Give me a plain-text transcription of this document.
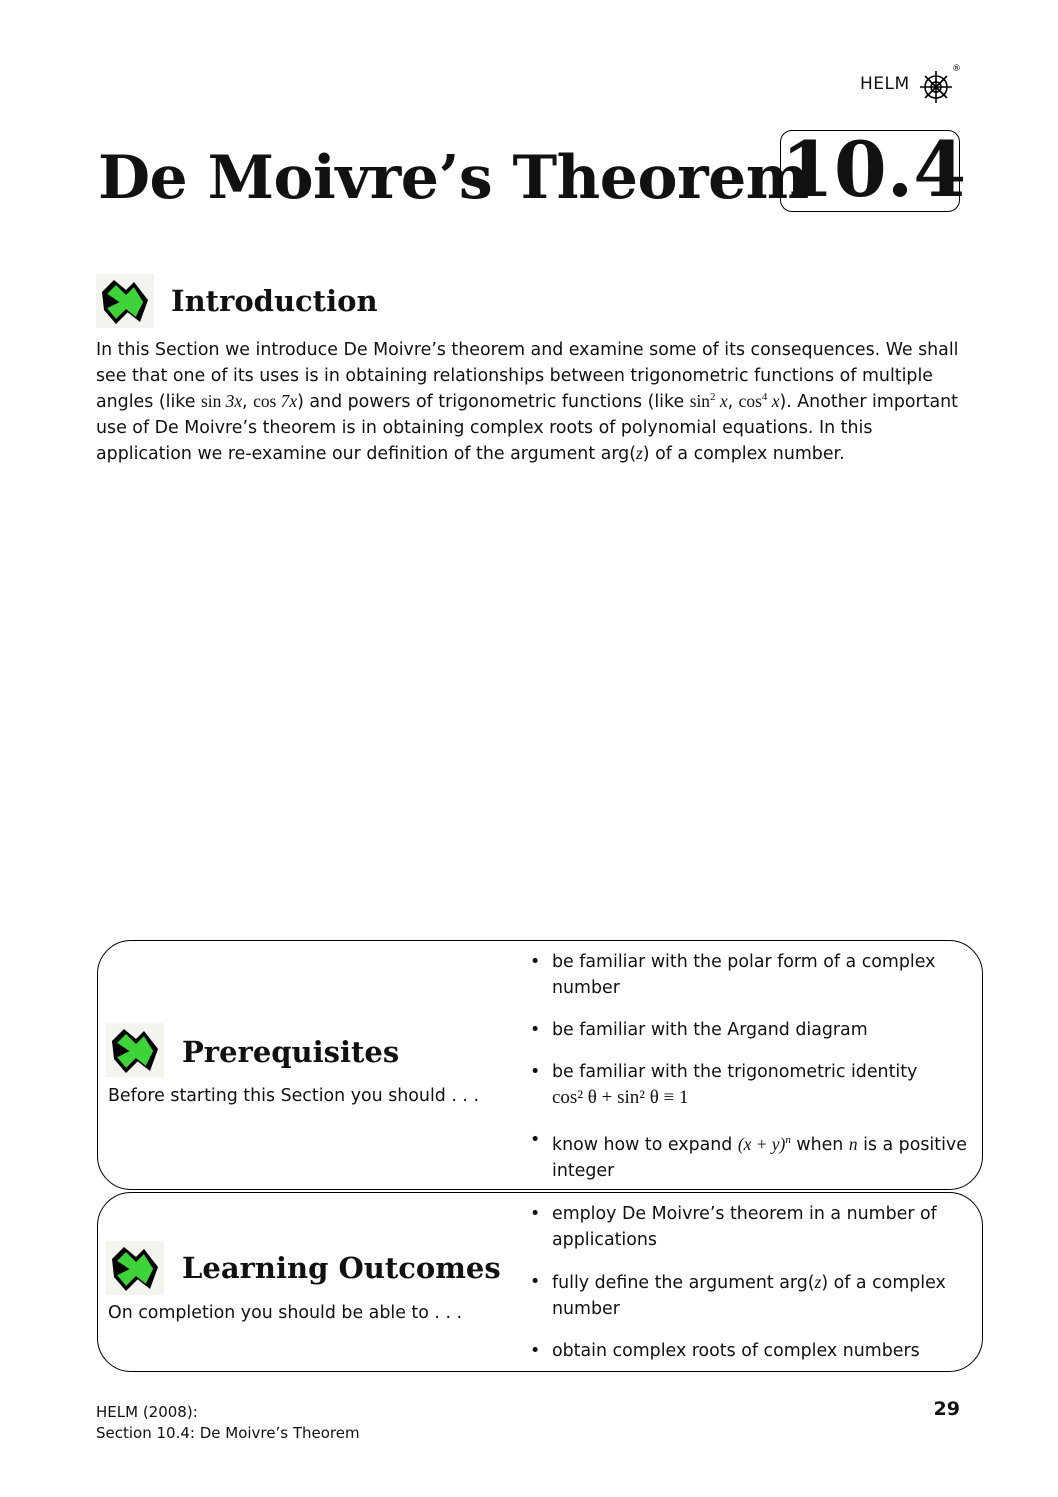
HELM
®
De Moivre’s Theorem
10.4
Introduction

In this Section we introduce De Moivre’s theorem and examine some of its consequences. We shall see that one of its uses is in obtaining relationships between trigonometric functions of multiple angles (like sin 3x, cos 7x) and powers of trigonometric functions (like $\sin^2 x$, $\cos^4 x$). Another important use of De Moivre’s theorem is in obtaining complex roots of polynomial equations. In this application we re-examine our definition of the argument arg(z) of a complex number.

Prerequisites
Before starting this Section you should . . .
• be familiar with the polar form of a complex number
• be familiar with the Argand diagram
• be familiar with the trigonometric identity
cos² θ + sin² θ ≡ 1
• know how to expand $(x + y)^n$ when n is a positive integer
Learning Outcomes
On completion you should be able to . . .
• employ De Moivre’s theorem in a number of applications
• fully define the argument arg(z) of a complex number
• obtain complex roots of complex numbers
HELM (2008):
Section 10.4: De Moivre’s Theorem
29
